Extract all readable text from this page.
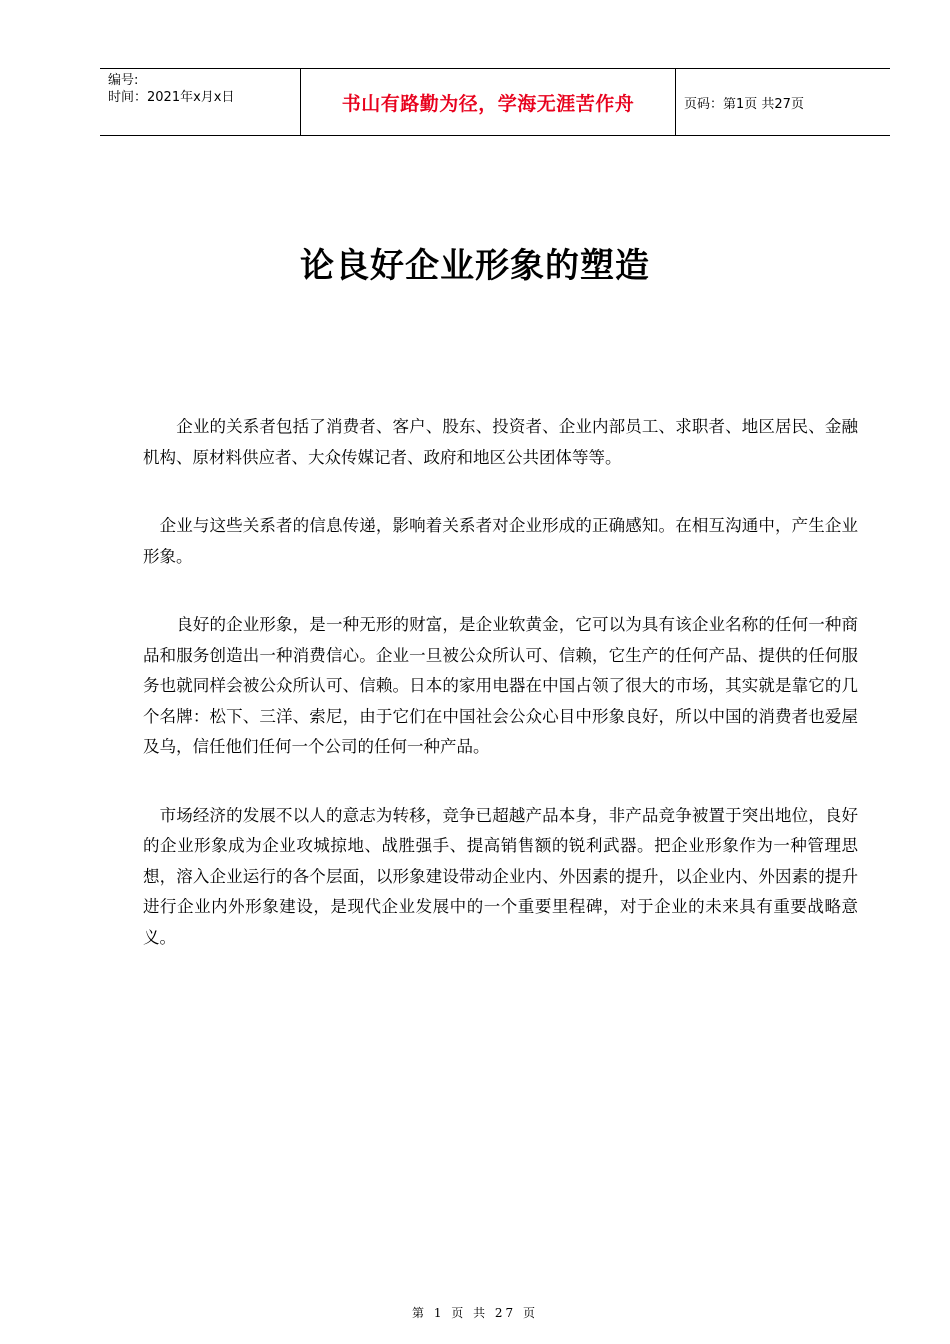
编号:
时间：2021年x月x日	书山有路勤为径，学海无涯苦作舟	页码：第1页 共27页
论良好企业形象的塑造

　　企业的关系者包括了消费者、客户、股东、投资者、企业内部员工、求职者、地区居民、金融机构、原材料供应者、大众传媒记者、政府和地区公共团体等等。

　企业与这些关系者的信息传递，影响着关系者对企业形成的正确感知。在相互沟通中，产生企业形象。

　　良好的企业形象，是一种无形的财富，是企业软黄金，它可以为具有该企业名称的任何一种商品和服务创造出一种消费信心。企业一旦被公众所认可、信赖，它生产的任何产品、提供的任何服务也就同样会被公众所认可、信赖。日本的家用电器在中国占领了很大的市场，其实就是靠它的几个名牌：松下、三洋、索尼，由于它们在中国社会公众心目中形象良好，所以中国的消费者也爱屋及乌，信任他们任何一个公司的任何一种产品。

　市场经济的发展不以人的意志为转移，竞争已超越产品本身，非产品竞争被置于突出地位，良好的企业形象成为企业攻城掠地、战胜强手、提高销售额的锐利武器。把企业形象作为一种管理思想，溶入企业运行的各个层面，以形象建设带动企业内、外因素的提升，以企业内、外因素的提升进行企业内外形象建设，是现代企业发展中的一个重要里程碑，对于企业的未来具有重要战略意义。

第 1 页 共 27 页
